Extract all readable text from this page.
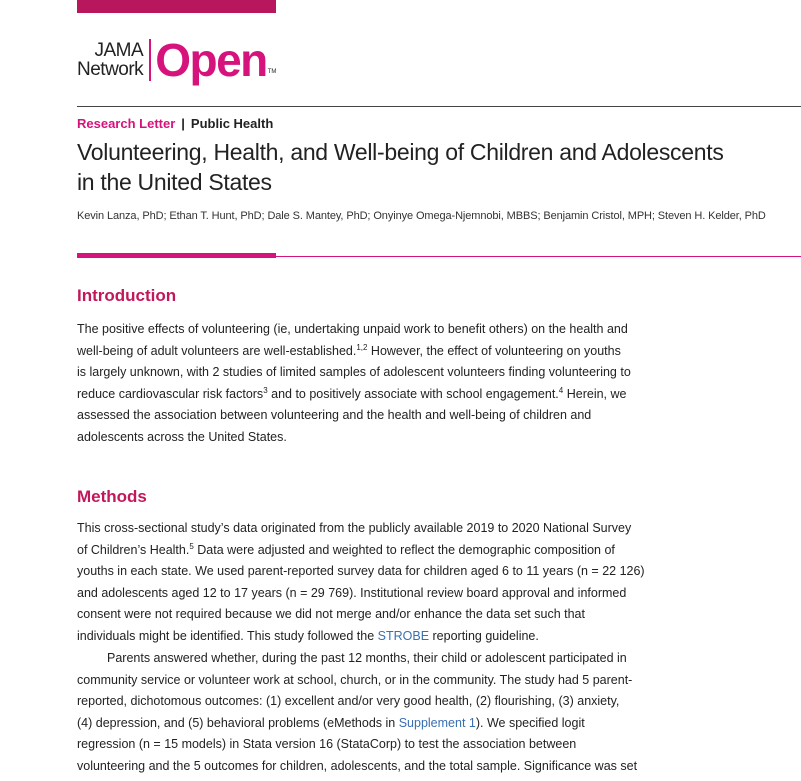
JAMA
Network Open TM
Research Letter | Public Health
Volunteering, Health, and Well-being of Children and Adolescents
in the United States
Kevin Lanza, PhD; Ethan T. Hunt, PhD; Dale S. Mantey, PhD; Onyinye Omega-Njemnobi, MBBS; Benjamin Cristol, MPH; Steven H. Kelder, PhD
Introduction

The positive effects of volunteering (ie, undertaking unpaid work to benefit others) on the health and
well-being of adult volunteers are well-established.$^{1,2}$ However, the effect of volunteering on youths
is largely unknown, with 2 studies of limited samples of adolescent volunteers finding volunteering to
reduce cardiovascular risk factors$^3$ and to positively associate with school engagement.$^4$ Herein, we
assessed the association between volunteering and the health and well-being of children and
adolescents across the United States.

Methods

This cross-sectional study’s data originated from the publicly available 2019 to 2020 National Survey
of Children’s Health.$^5$ Data were adjusted and weighted to reflect the demographic composition of
youths in each state. We used parent-reported survey data for children aged 6 to 11 years (n = 22 126)
and adolescents aged 12 to 17 years (n = 29 769). Institutional review board approval and informed
consent were not required because we did not merge and/or enhance the data set such that
individuals might be identified. This study followed the STROBE reporting guideline.

Parents answered whether, during the past 12 months, their child or adolescent participated in
community service or volunteer work at school, church, or in the community. The study had 5 parent-
reported, dichotomous outcomes: (1) excellent and/or very good health, (2) flourishing, (3) anxiety,
(4) depression, and (5) behavioral problems (eMethods in Supplement 1). We specified logit
regression (n = 15 models) in Stata version 16 (StataCorp) to test the association between
volunteering and the 5 outcomes for children, adolescents, and the total sample. Significance was set
